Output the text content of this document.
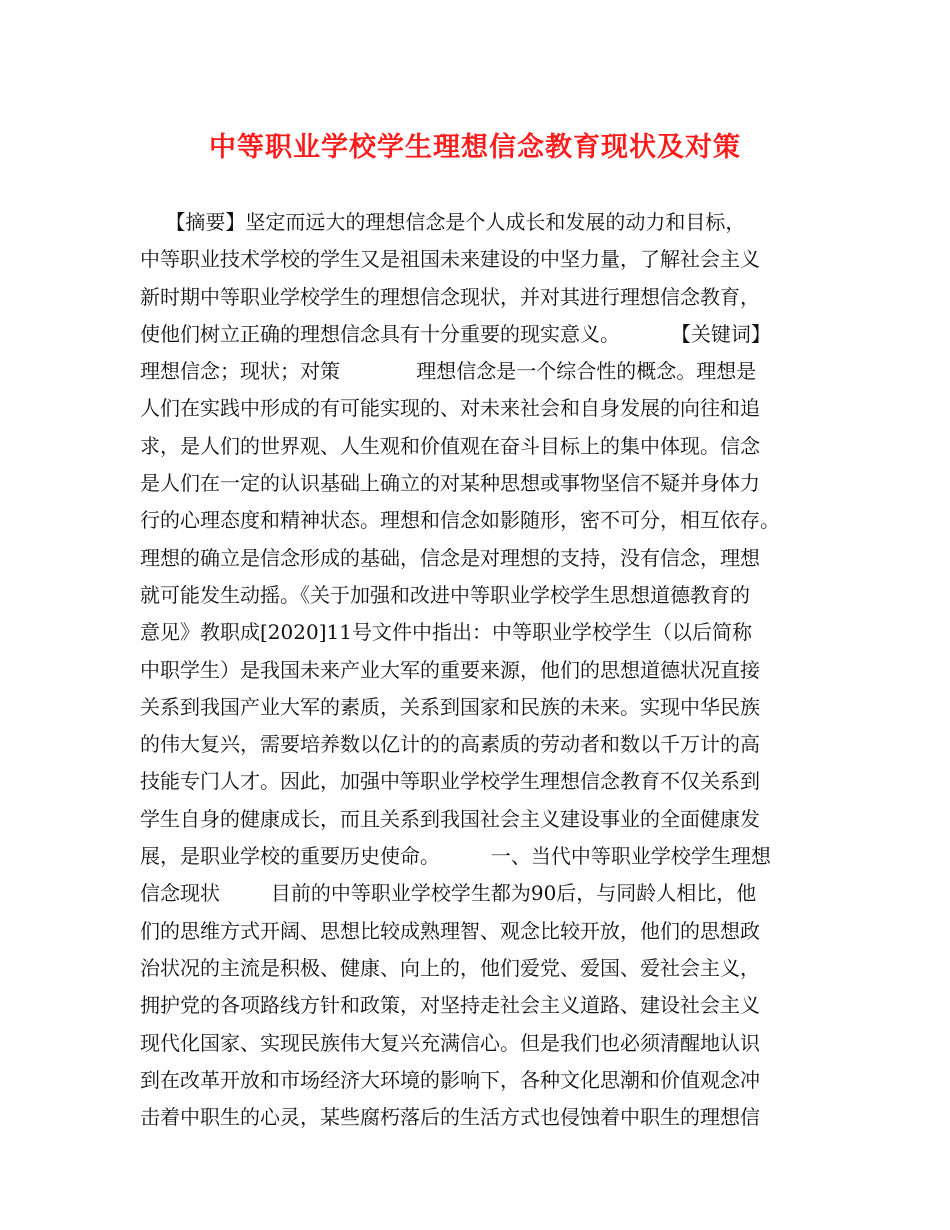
中等职业学校学生理想信念教育现状及对策
【摘要】坚定而远大的理想信念是个人成长和发展的动力和目标，
中等职业技术学校的学生又是祖国未来建设的中坚力量，了解社会主义
新时期中等职业学校学生的理想信念现状，并对其进行理想信念教育，
使他们树立正确的理想信念具有十分重要的现实意义。        【关键词】
理想信念；现状；对策            理想信念是一个综合性的概念。理想是
人们在实践中形成的有可能实现的、对未来社会和自身发展的向往和追
求，是人们的世界观、人生观和价值观在奋斗目标上的集中体现。信念
是人们在一定的认识基础上确立的对某种思想或事物坚信不疑并身体力
行的心理态度和精神状态。理想和信念如影随形，密不可分，相互依存。
理想的确立是信念形成的基础，信念是对理想的支持，没有信念，理想
就可能发生动摇。《关于加强和改进中等职业学校学生思想道德教育的
意见》教职成[2020]11号文件中指出：中等职业学校学生（以后简称
中职学生）是我国未来产业大军的重要来源，他们的思想道德状况直接
关系到我国产业大军的素质，关系到国家和民族的未来。实现中华民族
的伟大复兴，需要培养数以亿计的的高素质的劳动者和数以千万计的高
技能专门人才。因此，加强中等职业学校学生理想信念教育不仅关系到
学生自身的健康成长，而且关系到我国社会主义建设事业的全面健康发
展，是职业学校的重要历史使命。        一、当代中等职业学校学生理想
信念现状        目前的中等职业学校学生都为90后，与同龄人相比，他
们的思维方式开阔、思想比较成熟理智、观念比较开放，他们的思想政
治状况的主流是积极、健康、向上的，他们爱党、爱国、爱社会主义，
拥护党的各项路线方针和政策，对坚持走社会主义道路、建设社会主义
现代化国家、实现民族伟大复兴充满信心。但是我们也必须清醒地认识
到在改革开放和市场经济大环境的影响下，各种文化思潮和价值观念冲
击着中职生的心灵，某些腐朽落后的生活方式也侵蚀着中职生的理想信
